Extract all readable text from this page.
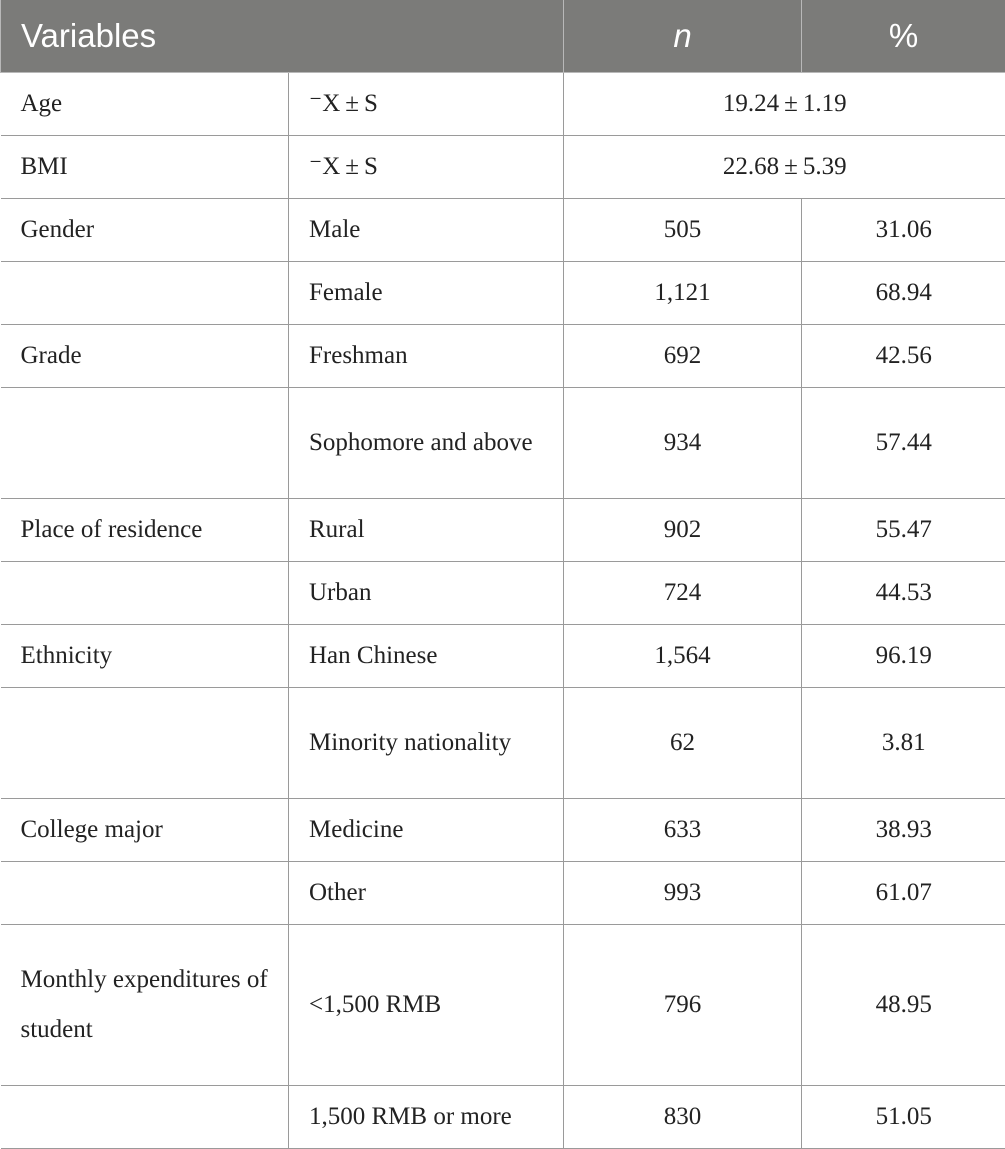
Variables		n	%
Age	⁻X ± S	19.24 ± 1.19	
BMI	⁻X ± S	22.68 ± 5.39	
Gender	Male	505	31.06
	Female	1,121	68.94
Grade	Freshman	692	42.56
	Sophomore and above	934	57.44
Place of residence	Rural	902	55.47
	Urban	724	44.53
Ethnicity	Han Chinese	1,564	96.19
	Minority nationality	62	3.81
College major	Medicine	633	38.93
	Other	993	61.07
Monthly expenditures of student	<1,500 RMB	796	48.95
	1,500 RMB or more	830	51.05
